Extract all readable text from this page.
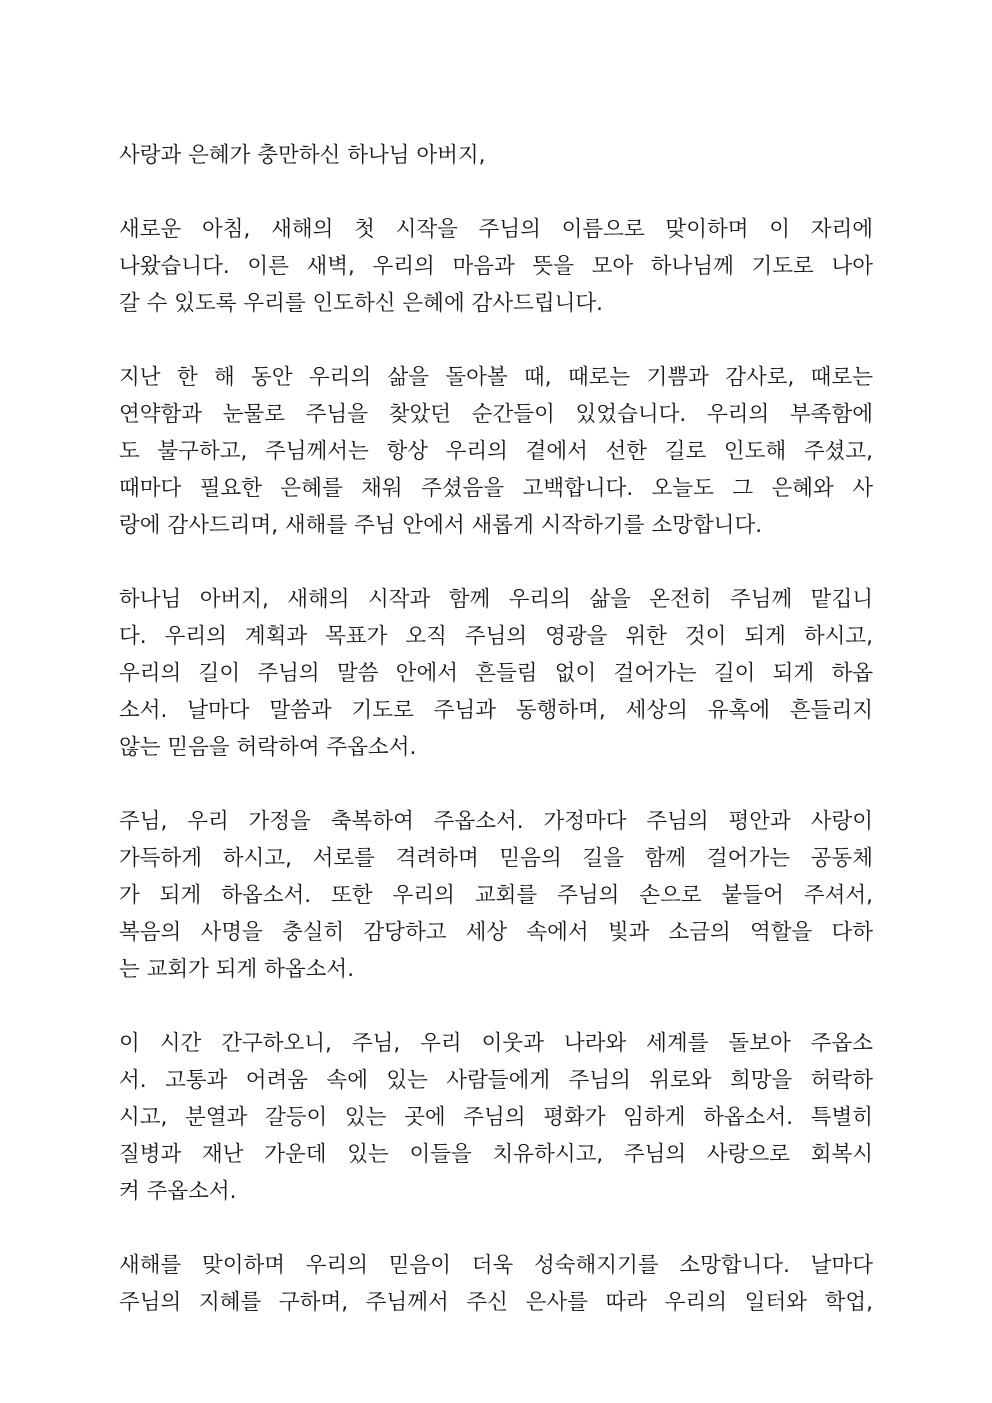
사랑과 은혜가 충만하신 하나님 아버지,
새로운 아침, 새해의 첫 시작을 주님의 이름으로 맞이하며 이 자리에
나왔습니다. 이른 새벽, 우리의 마음과 뜻을 모아 하나님께 기도로 나아
갈 수 있도록 우리를 인도하신 은혜에 감사드립니다.
지난 한 해 동안 우리의 삶을 돌아볼 때, 때로는 기쁨과 감사로, 때로는
연약함과 눈물로 주님을 찾았던 순간들이 있었습니다. 우리의 부족함에
도 불구하고, 주님께서는 항상 우리의 곁에서 선한 길로 인도해 주셨고,
때마다 필요한 은혜를 채워 주셨음을 고백합니다. 오늘도 그 은혜와 사
랑에 감사드리며, 새해를 주님 안에서 새롭게 시작하기를 소망합니다.
하나님 아버지, 새해의 시작과 함께 우리의 삶을 온전히 주님께 맡깁니
다. 우리의 계획과 목표가 오직 주님의 영광을 위한 것이 되게 하시고,
우리의 길이 주님의 말씀 안에서 흔들림 없이 걸어가는 길이 되게 하옵
소서. 날마다 말씀과 기도로 주님과 동행하며, 세상의 유혹에 흔들리지
않는 믿음을 허락하여 주옵소서.
주님, 우리 가정을 축복하여 주옵소서. 가정마다 주님의 평안과 사랑이
가득하게 하시고, 서로를 격려하며 믿음의 길을 함께 걸어가는 공동체
가 되게 하옵소서. 또한 우리의 교회를 주님의 손으로 붙들어 주셔서,
복음의 사명을 충실히 감당하고 세상 속에서 빛과 소금의 역할을 다하
는 교회가 되게 하옵소서.
이 시간 간구하오니, 주님, 우리 이웃과 나라와 세계를 돌보아 주옵소
서. 고통과 어려움 속에 있는 사람들에게 주님의 위로와 희망을 허락하
시고, 분열과 갈등이 있는 곳에 주님의 평화가 임하게 하옵소서. 특별히
질병과 재난 가운데 있는 이들을 치유하시고, 주님의 사랑으로 회복시
켜 주옵소서.
새해를 맞이하며 우리의 믿음이 더욱 성숙해지기를 소망합니다. 날마다
주님의 지혜를 구하며, 주님께서 주신 은사를 따라 우리의 일터와 학업,
